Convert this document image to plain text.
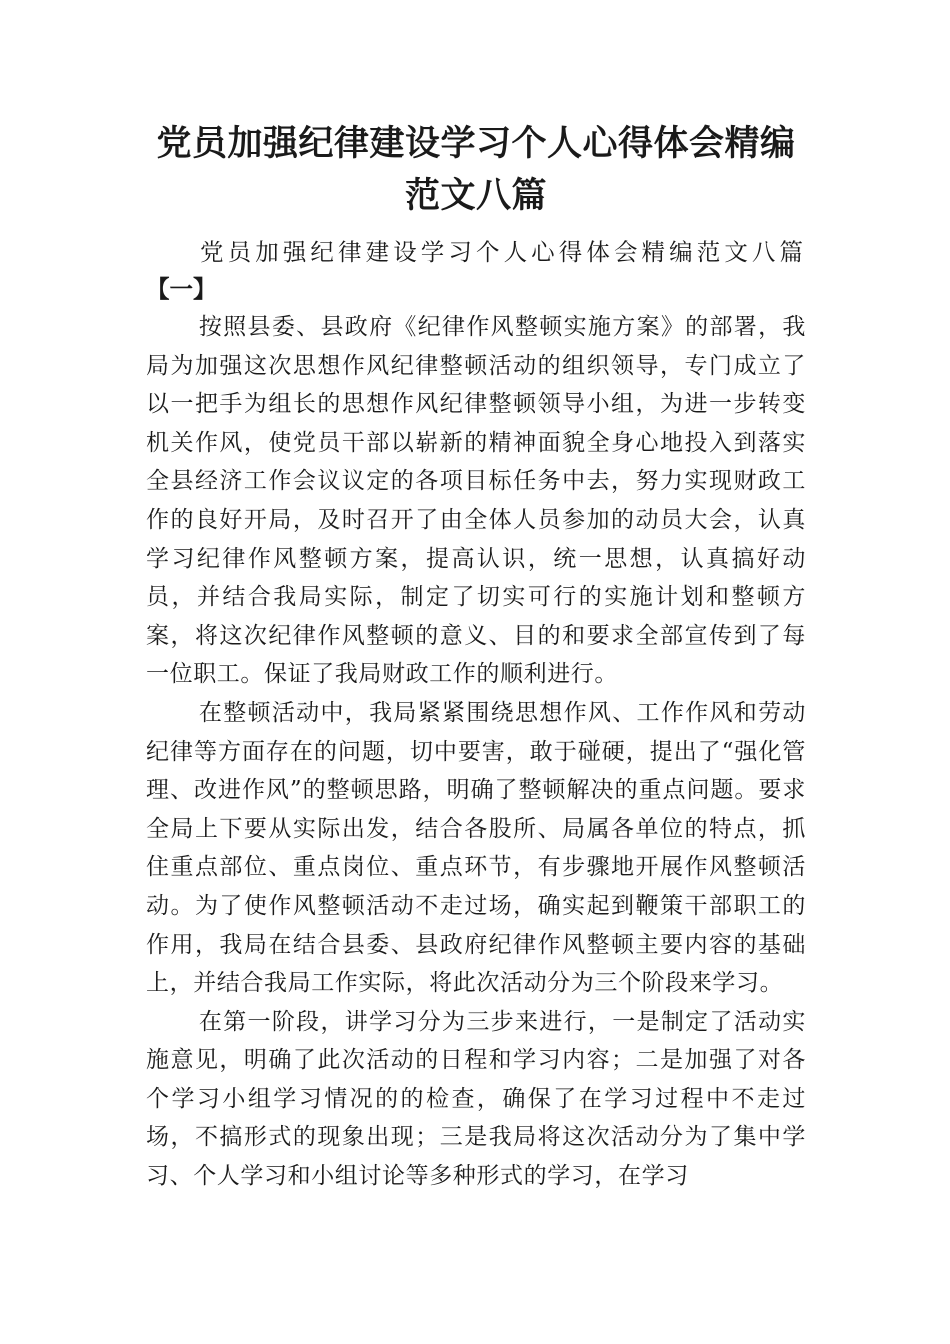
党员加强纪律建设学习个人心得体会精编范文八篇

党员加强纪律建设学习个人心得体会精编范文八篇【一】

按照县委、县政府《纪律作风整顿实施方案》的部署，我局为加强这次思想作风纪律整顿活动的组织领导，专门成立了以一把手为组长的思想作风纪律整顿领导小组，为进一步转变机关作风，使党员干部以崭新的精神面貌全身心地投入到落实全县经济工作会议议定的各项目标任务中去，努力实现财政工作的良好开局，及时召开了由全体人员参加的动员大会，认真学习纪律作风整顿方案，提高认识，统一思想，认真搞好动员，并结合我局实际，制定了切实可行的实施计划和整顿方案，将这次纪律作风整顿的意义、目的和要求全部宣传到了每一位职工。保证了我局财政工作的顺利进行。

在整顿活动中，我局紧紧围绕思想作风、工作作风和劳动纪律等方面存在的问题，切中要害，敢于碰硬，提出了“强化管理、改进作风”的整顿思路，明确了整顿解决的重点问题。要求全局上下要从实际出发，结合各股所、局属各单位的特点，抓住重点部位、重点岗位、重点环节，有步骤地开展作风整顿活动。为了使作风整顿活动不走过场，确实起到鞭策干部职工的作用，我局在结合县委、县政府纪律作风整顿主要内容的基础上，并结合我局工作实际，将此次活动分为三个阶段来学习。

在第一阶段，讲学习分为三步来进行，一是制定了活动实施意见，明确了此次活动的日程和学习内容；二是加强了对各个学习小组学习情况的的检查，确保了在学习过程中不走过场，不搞形式的现象出现；三是我局将这次活动分为了集中学习、个人学习和小组讨论等多种形式的学习，在学习
